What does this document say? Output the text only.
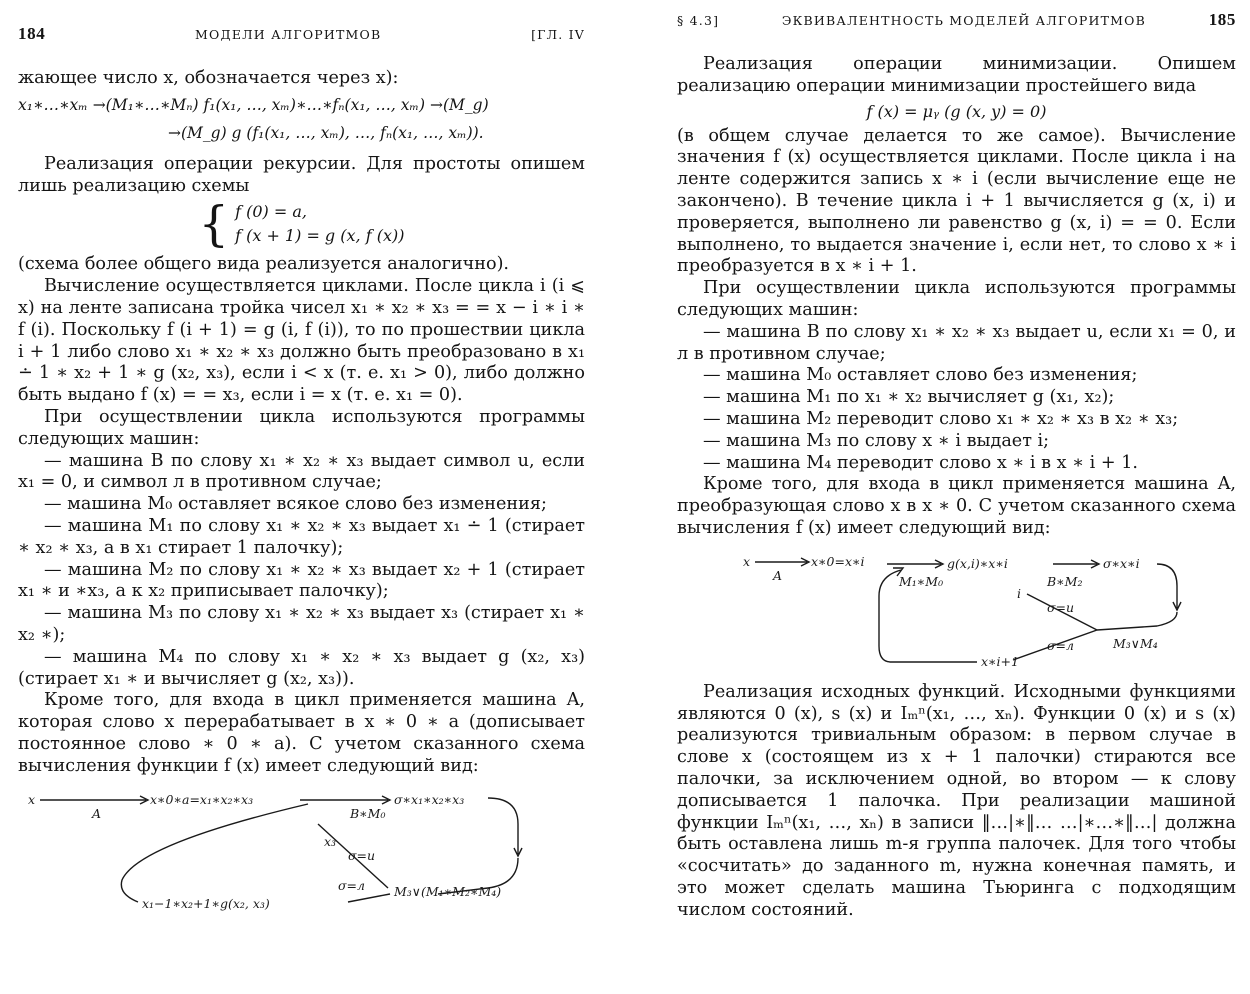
184	МОДЕЛИ АЛГОРИТМОВ	[ГЛ. IV

жающее число x, обозначается через x):

x₁∗…∗xₘ →(M₁∗…∗Mₙ) f₁(x₁, …, xₘ)∗…∗fₙ(x₁, …, xₘ) →(M_g)
→(M_g) g (f₁(x₁, …, xₘ), …, fₙ(x₁, …, xₘ)).

Реализация операции рекурсии. Для простоты опишем лишь реализацию схемы

{ f (0) = a,
f (x + 1) = g (x, f (x))

(схема более общего вида реализуется аналогично).

Вычисление осуществляется циклами. После цикла i (i ⩽ x) на ленте записана тройка чисел x₁ ∗ x₂ ∗ x₃ = = x − i ∗ i ∗ f (i). Поскольку f (i + 1) = g (i, f (i)), то по прошествии цикла i + 1 либо слово x₁ ∗ x₂ ∗ x₃ должно быть преобразовано в x₁ ∸ 1 ∗ x₂ + 1 ∗ g (x₂, x₃), если i < x (т. е. x₁ > 0), либо должно быть выдано f (x) = = x₃, если i = x (т. е. x₁ = 0).

При осуществлении цикла используются программы следующих машин:

— машина B по слову x₁ ∗ x₂ ∗ x₃ выдает символ u, если x₁ = 0, и символ л в противном случае;

— машина M₀ оставляет всякое слово без изменения;

— машина M₁ по слову x₁ ∗ x₂ ∗ x₃ выдает x₁ ∸ 1 (стирает ∗ x₂ ∗ x₃, а в x₁ стирает 1 палочку);

— машина M₂ по слову x₁ ∗ x₂ ∗ x₃ выдает x₂ + 1 (стирает x₁ ∗ и ∗x₃, а к x₂ приписывает палочку);

— машина M₃ по слову x₁ ∗ x₂ ∗ x₃ выдает x₃ (стирает x₁ ∗ x₂ ∗);

— машина M₄ по слову x₁ ∗ x₂ ∗ x₃ выдает g (x₂, x₃) (стирает x₁ ∗ и вычисляет g (x₂, x₃)).

Кроме того, для входа в цикл применяется машина A, которая слово x перерабатывает в x ∗ 0 ∗ a (дописывает постоянное слово ∗ 0 ∗ a). С учетом сказанного схема вычисления функции f (x) имеет следующий вид:

x
A
x∗0∗a=x₁∗x₂∗x₃
B∗M₀
σ∗x₁∗x₂∗x₃
x₃
σ=u
σ=л M₃∨(M₁∗M₂∗M₄)
x₁−1∗x₂+1∗g(x₂, x₃)
§ 4.3]	ЭКВИВАЛЕНТНОСТЬ МОДЕЛЕЙ АЛГОРИТМОВ	185

Реализация операции минимизации. Опишем реализацию операции минимизации простейшего вида

f (x) = μᵧ (g (x, y) = 0)

(в общем случае делается то же самое). Вычисление значения f (x) осуществляется циклами. После цикла i на ленте содержится запись x ∗ i (если вычисление еще не закончено). В течение цикла i + 1 вычисляется g (x, i) и проверяется, выполнено ли равенство g (x, i) = = 0. Если выполнено, то выдается значение i, если нет, то слово x ∗ i преобразуется в x ∗ i + 1.

При осуществлении цикла используются программы следующих машин:

— машина B по слову x₁ ∗ x₂ ∗ x₃ выдает u, если x₁ = 0, и л в противном случае;

— машина M₀ оставляет слово без изменения;

— машина M₁ по x₁ ∗ x₂ вычисляет g (x₁, x₂);

— машина M₂ переводит слово x₁ ∗ x₂ ∗ x₃ в x₂ ∗ x₃;

— машина M₃ по слову x ∗ i выдает i;

— машина M₄ переводит слово x ∗ i в x ∗ i + 1.

Кроме того, для входа в цикл применяется машина A, преобразующая слово x в x ∗ 0. С учетом сказанного схема вычисления f (x) имеет следующий вид:

x
A
x∗0=x∗i
M₁∗M₀
g(x,i)∗x∗i
B∗M₂
σ∗x∗i
i
σ=u
σ=л	M₃∨M₄
x∗i+1

Реализация исходных функций. Исходными функциями являются 0 (x), s (x) и Iₘⁿ(x₁, …, xₙ). Функции 0 (x) и s (x) реализуются тривиальным образом: в первом случае в слове x (состоящем из x + 1 палочки) стираются все палочки, за исключением одной, во втором — к слову дописывается 1 палочка. При реализации машиной функции Iₘⁿ(x₁, …, xₙ) в записи ‖…|∗‖… …|∗…∗‖…| должна быть оставлена лишь m-я группа палочек. Для того чтобы «сосчитать» до заданного m, нужна конечная память, и это может сделать машина Тьюринга с подходящим числом состояний.
